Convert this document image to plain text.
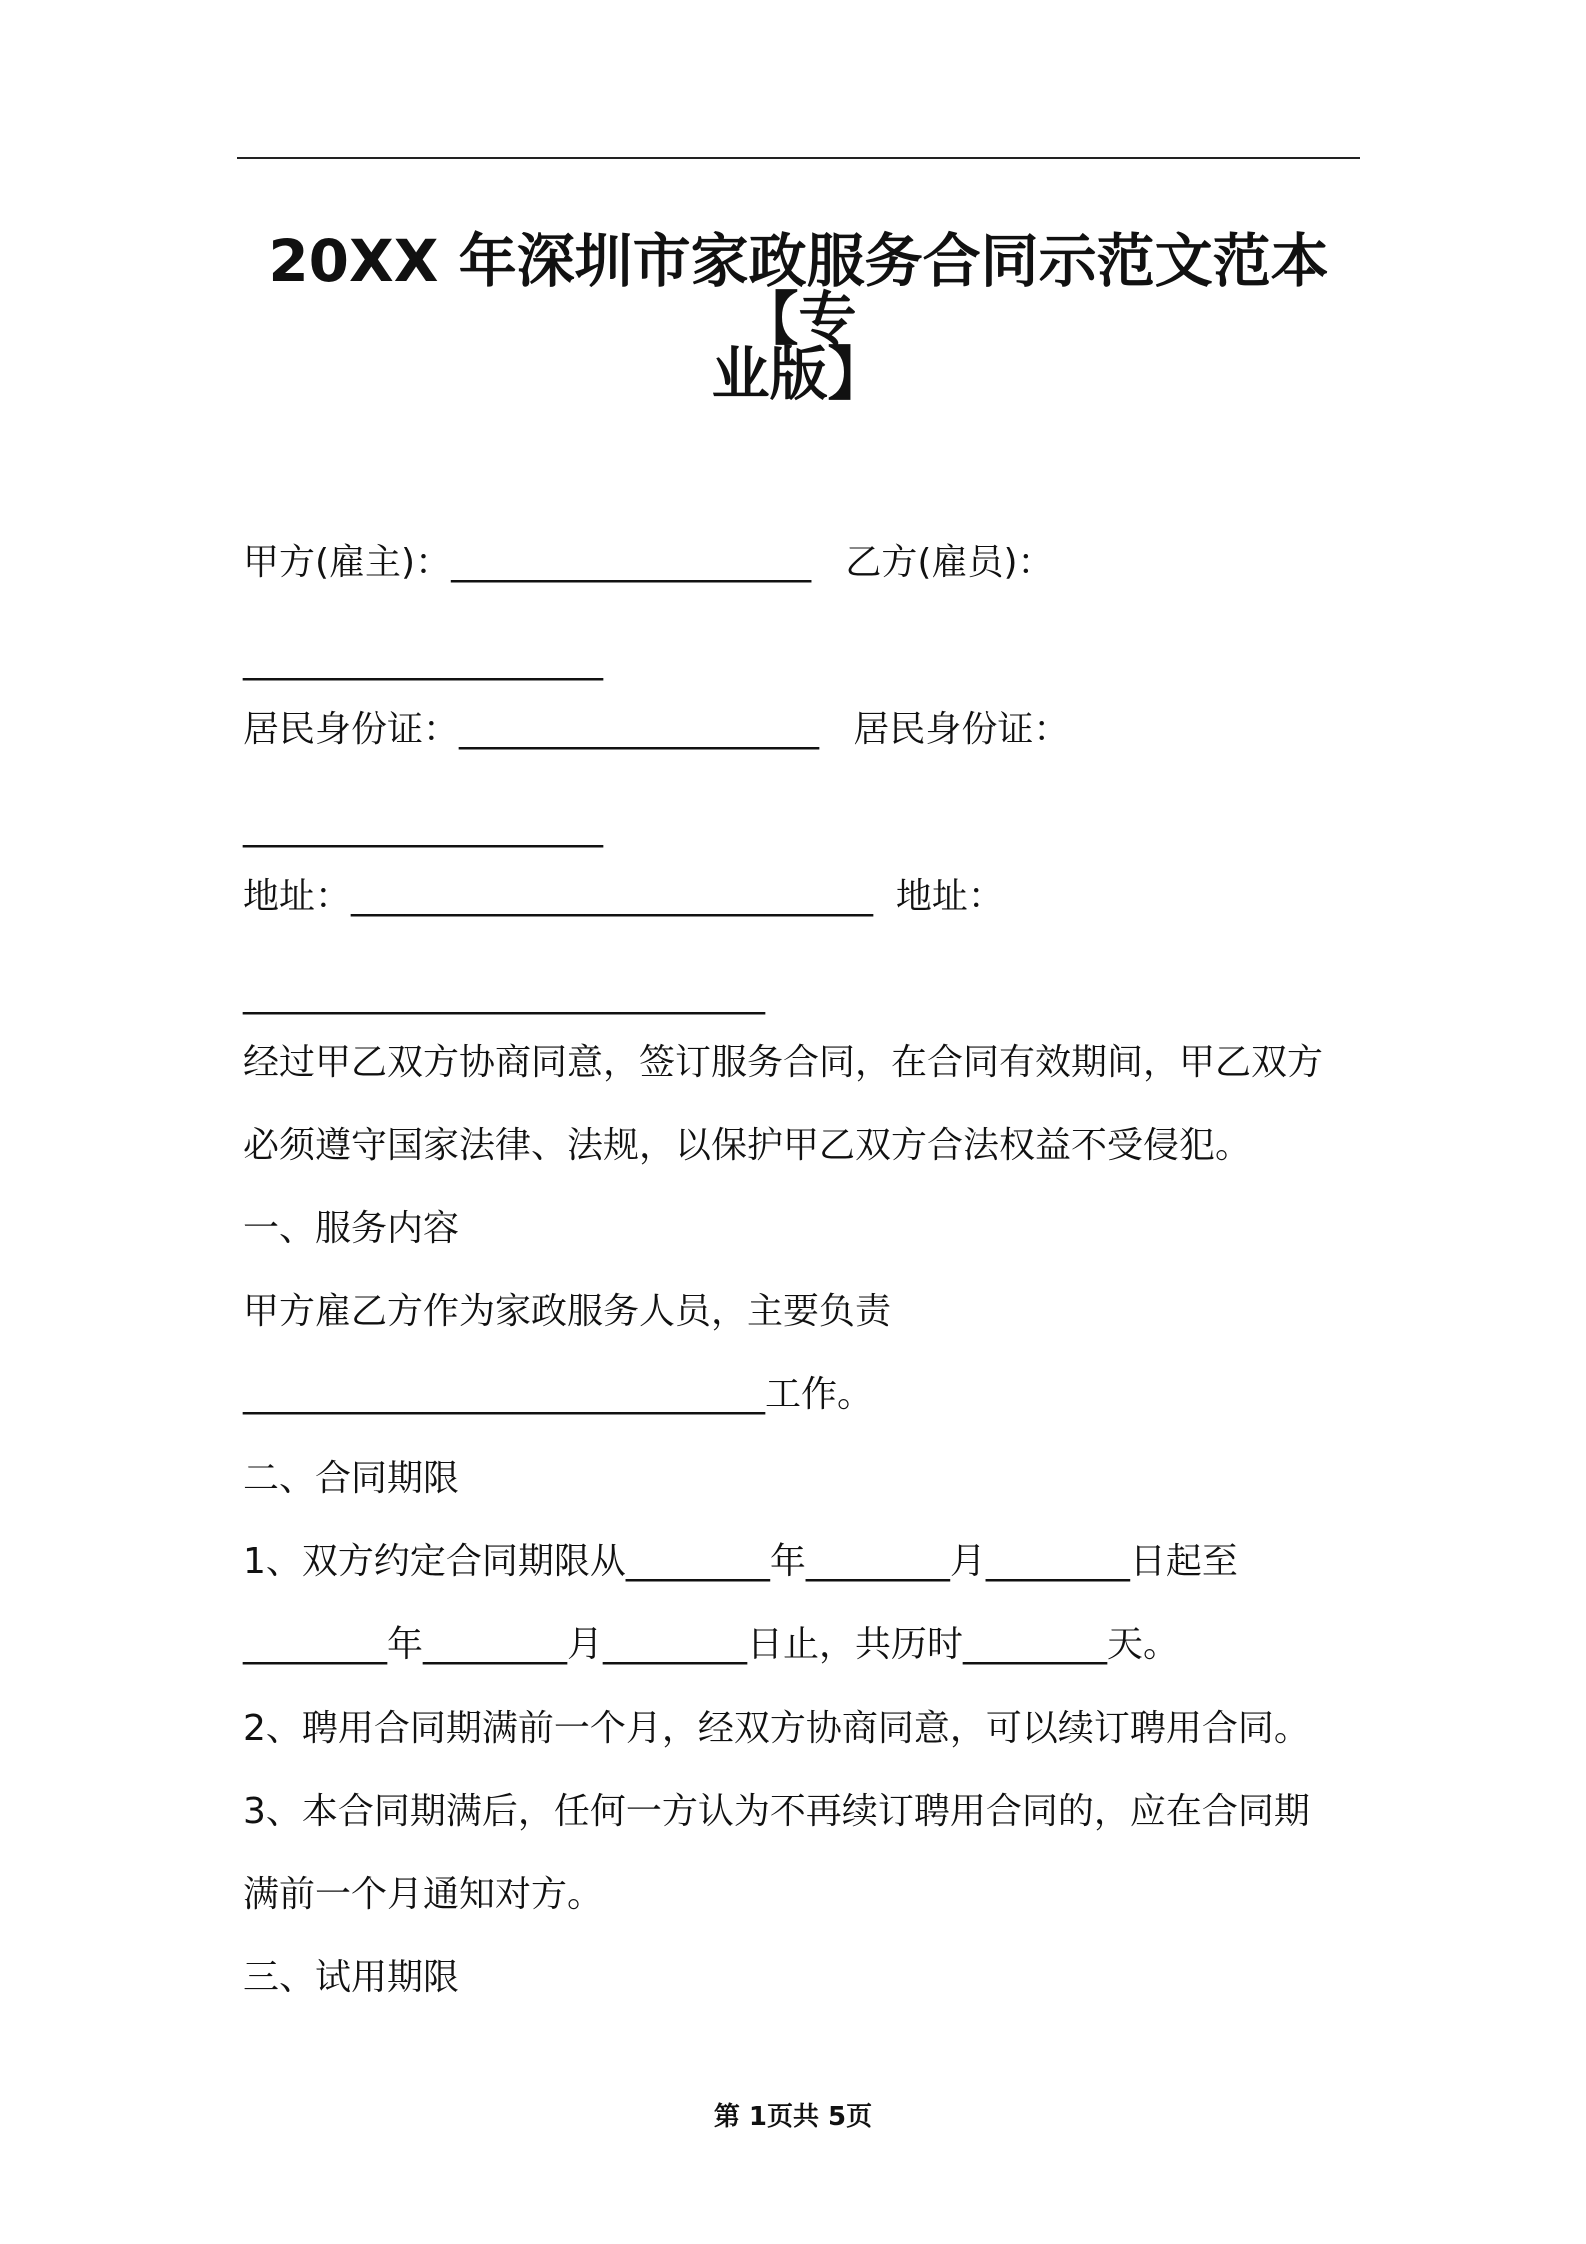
20XX 年深圳市家政服务合同示范文范本【专
业版】

甲方(雇主)：____________________   乙方(雇员)：

____________________

居民身份证：____________________   居民身份证：

____________________

地址：_____________________________  地址：

_____________________________

经过甲乙双方协商同意，签订服务合同，在合同有效期间，甲乙双方

必须遵守国家法律、法规，以保护甲乙双方合法权益不受侵犯。

一、服务内容

甲方雇乙方作为家政服务人员，主要负责

_____________________________工作。

二、合同期限

1、双方约定合同期限从________年________月________日起至

________年________月________日止，共历时________天。

2、聘用合同期满前一个月，经双方协商同意，可以续订聘用合同。

3、本合同期满后，任何一方认为不再续订聘用合同的，应在合同期

满前一个月通知对方。

三、试用期限

第 1页共 5页
